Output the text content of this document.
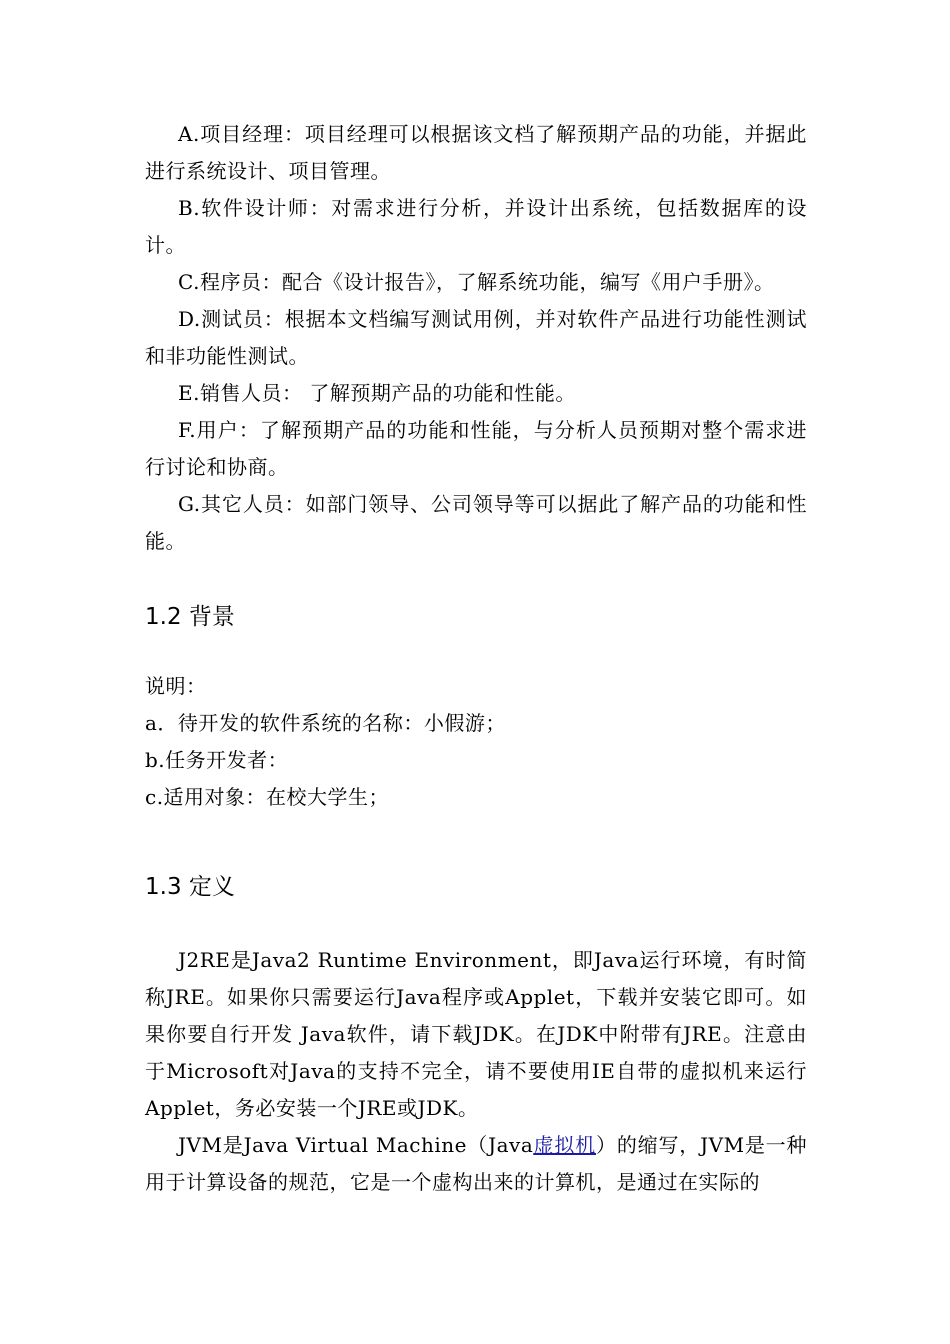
A.项目经理：项目经理可以根据该文档了解预期产品的功能，并据此进行系统设计、项目管理。

B.软件设计师：对需求进行分析，并设计出系统，包括数据库的设计。

C.程序员：配合《设计报告》，了解系统功能，编写《用户手册》。

D.测试员：根据本文档编写测试用例，并对软件产品进行功能性测试和非功能性测试。

E.销售人员： 了解预期产品的功能和性能。

F.用户：了解预期产品的功能和性能，与分析人员预期对整个需求进行讨论和协商。

G.其它人员：如部门领导、公司领导等可以据此了解产品的功能和性能。

1.2 背景

说明：

a．待开发的软件系统的名称：小假游；

b.任务开发者：

c.适用对象：在校大学生；

1.3 定义

J2RE是Java2 Runtime Environment，即Java运行环境，有时简称JRE。如果你只需要运行Java程序或Applet，下载并安装它即可。如果你要自行开发 Java软件，请下载JDK。在JDK中附带有JRE。注意由于Microsoft对Java的支持不完全，请不要使用IE自带的虚拟机来运行 Applet，务必安装一个JRE或JDK。

JVM是Java Virtual Machine（Java虚拟机）的缩写，JVM是一种用于计算设备的规范，它是一个虚构出来的计算机，是通过在实际的
